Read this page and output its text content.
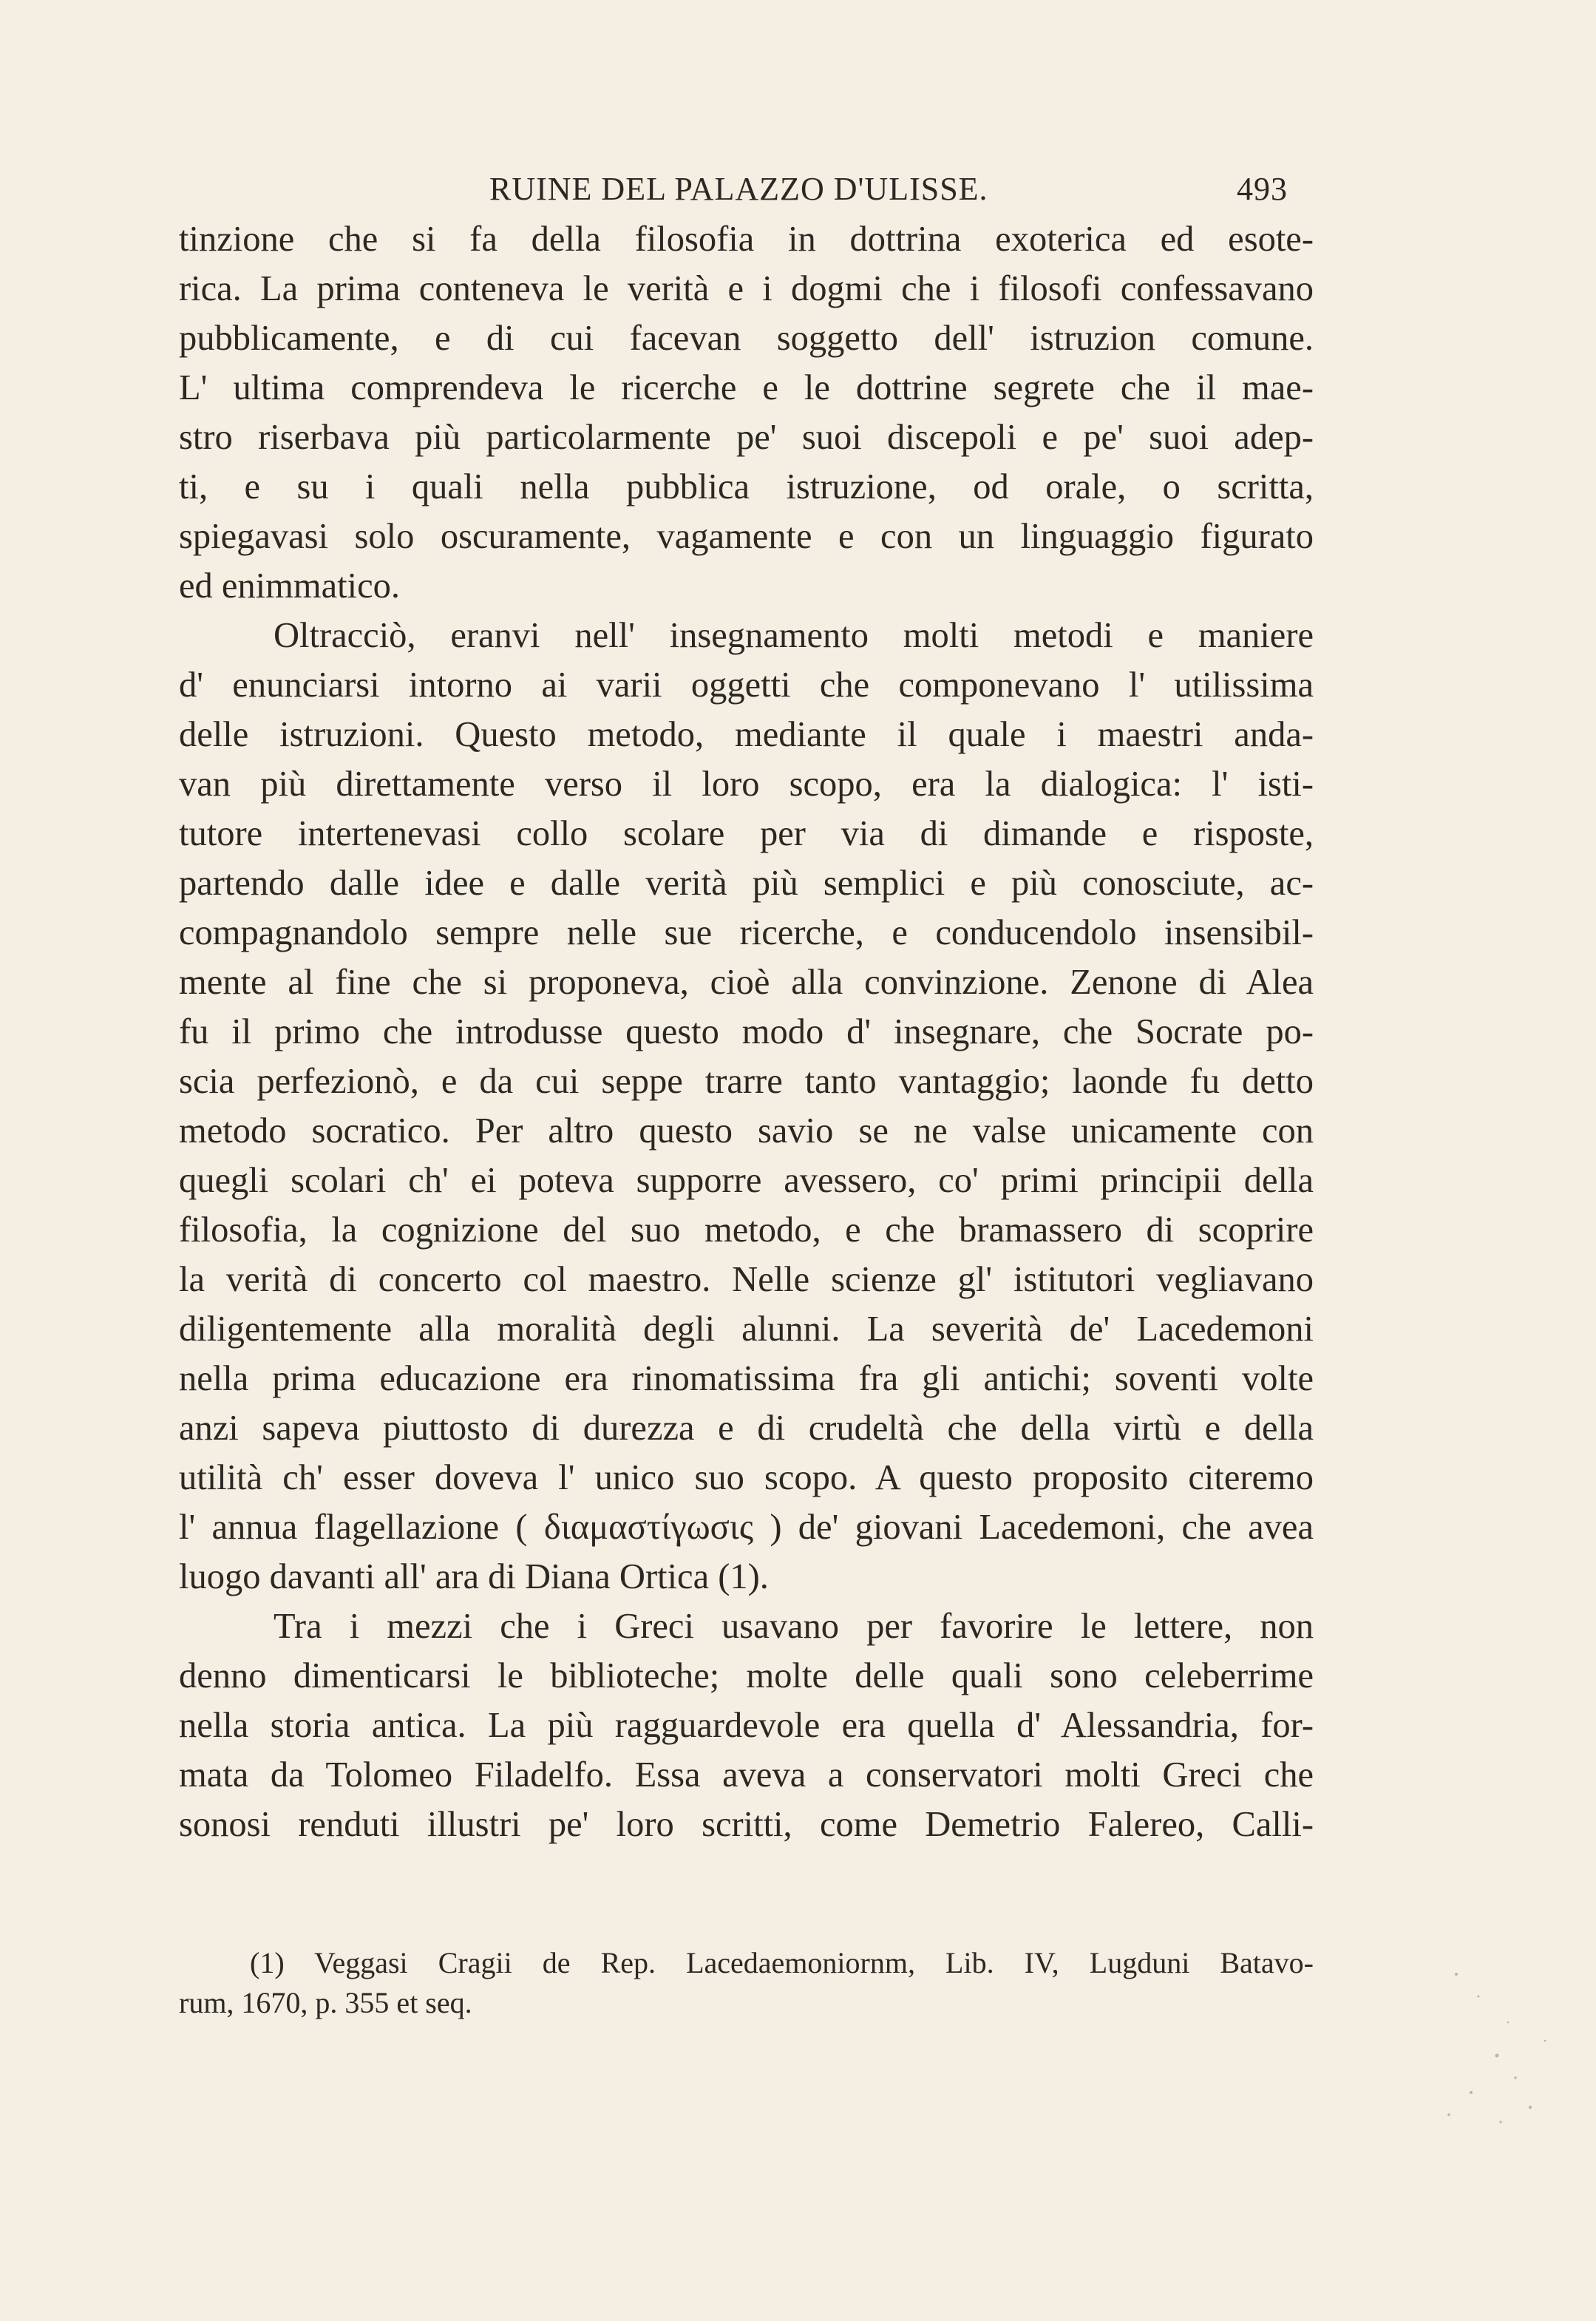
RUINE DEL PALAZZO D'ULISSE.	493
tinzione che si fa della filosofia in dottrina exoterica ed esote-
rica. La prima conteneva le verità e i dogmi che i filosofi confessavano
pubblicamente, e di cui facevan soggetto dell' istruzion comune.
L' ultima comprendeva le ricerche e le dottrine segrete che il mae-
stro riserbava più particolarmente pe' suoi discepoli e pe' suoi adep-
ti, e su i quali nella pubblica istruzione, od orale, o scritta,
spiegavasi solo oscuramente, vagamente e con un linguaggio figurato
ed enimmatico.
Oltracciò, eranvi nell' insegnamento molti metodi e maniere
d' enunciarsi intorno ai varii oggetti che componevano l' utilissima
delle istruzioni. Questo metodo, mediante il quale i maestri anda-
van più direttamente verso il loro scopo, era la dialogica: l' isti-
tutore intertenevasi collo scolare per via di dimande e risposte,
partendo dalle idee e dalle verità più semplici e più conosciute, ac-
compagnandolo sempre nelle sue ricerche, e conducendolo insensibil-
mente al fine che si proponeva, cioè alla convinzione. Zenone di Alea
fu il primo che introdusse questo modo d' insegnare, che Socrate po-
scia perfezionò, e da cui seppe trarre tanto vantaggio; laonde fu detto
metodo socratico. Per altro questo savio se ne valse unicamente con
quegli scolari ch' ei poteva supporre avessero, co' primi principii della
filosofia, la cognizione del suo metodo, e che bramassero di scoprire
la verità di concerto col maestro. Nelle scienze gl' istitutori vegliavano
diligentemente alla moralità degli alunni. La severità de' Lacedemoni
nella prima educazione era rinomatissima fra gli antichi; soventi volte
anzi sapeva piuttosto di durezza e di crudeltà che della virtù e della
utilità ch' esser doveva l' unico suo scopo. A questo proposito citeremo
l' annua flagellazione ( διαμαστίγωσις ) de' giovani Lacedemoni, che avea
luogo davanti all' ara di Diana Ortica (1).
Tra i mezzi che i Greci usavano per favorire le lettere, non
denno dimenticarsi le biblioteche; molte delle quali sono celeberrime
nella storia antica. La più ragguardevole era quella d' Alessandria, for-
mata da Tolomeo Filadelfo. Essa aveva a conservatori molti Greci che
sonosi renduti illustri pe' loro scritti, come Demetrio Falereo, Calli-
(1) Veggasi Cragii de Rep. Lacedaemoniornm, Lib. IV, Lugduni Batavo-
rum, 1670, p. 355 et seq.
